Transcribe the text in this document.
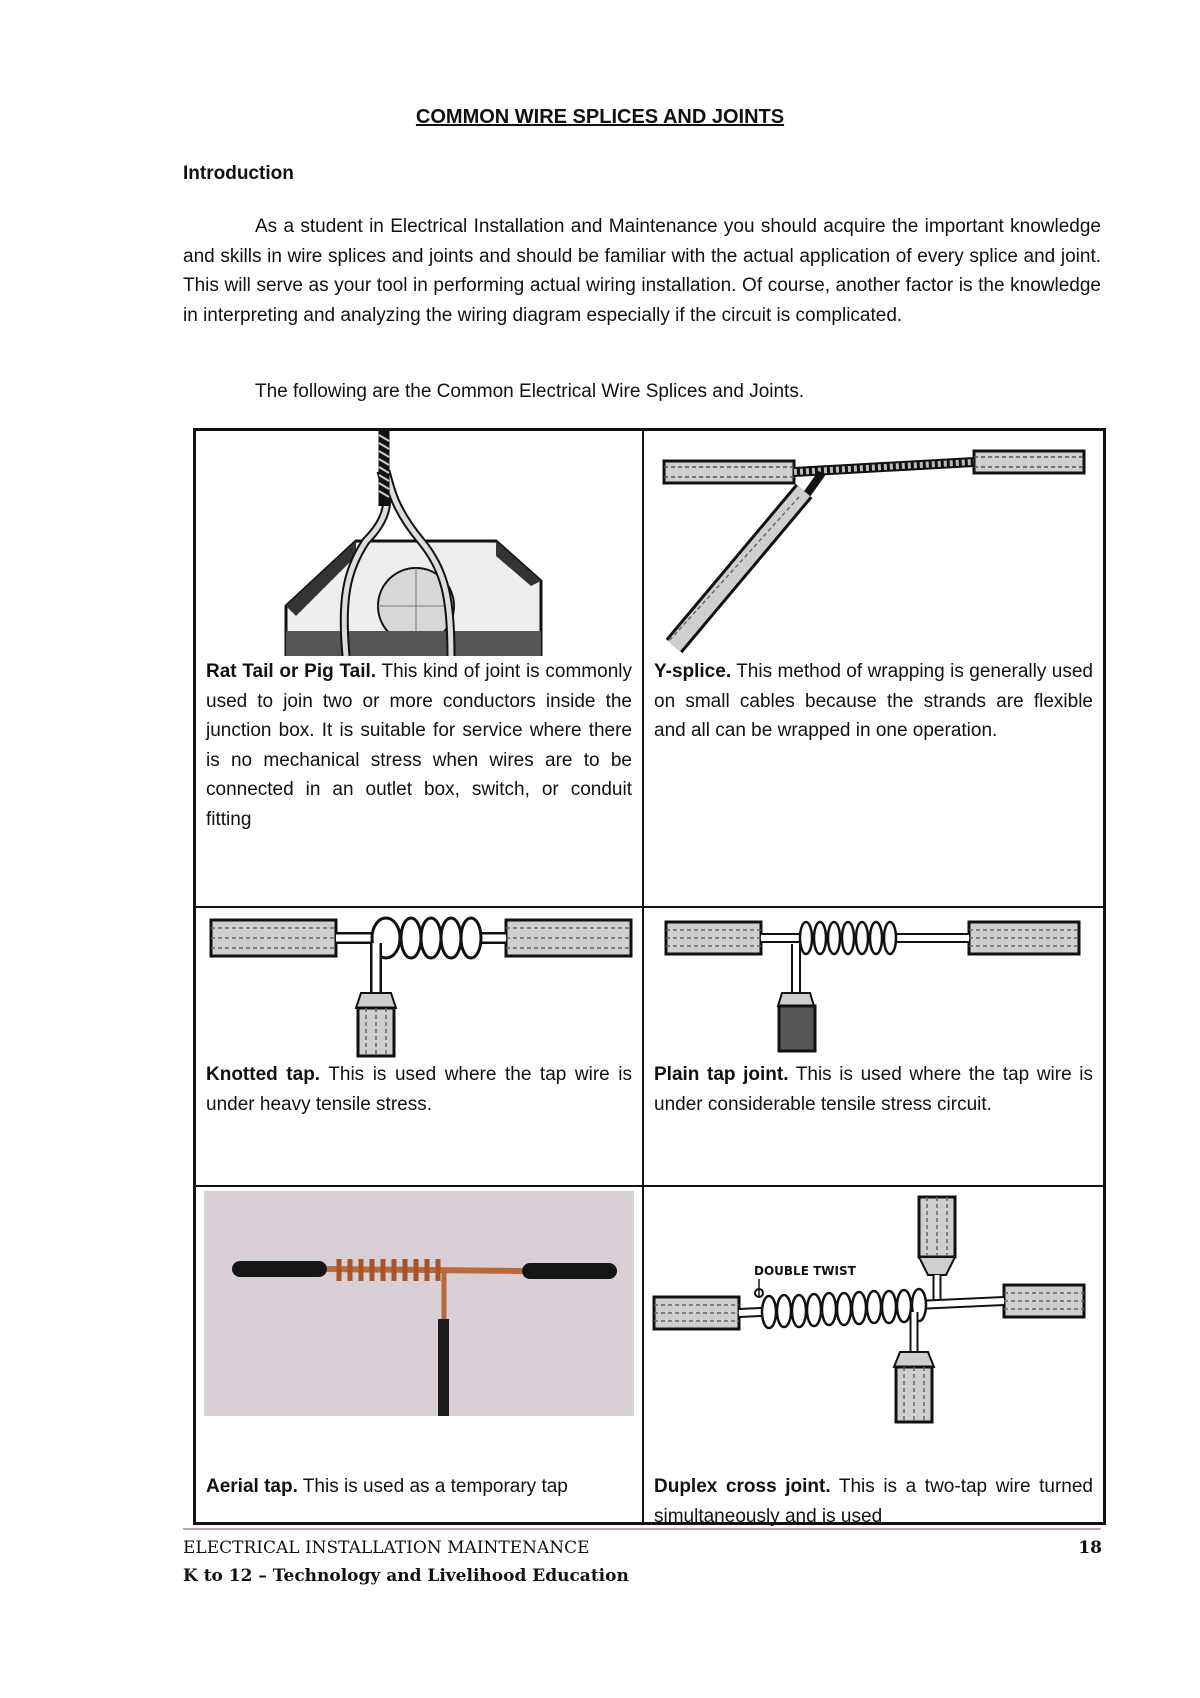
COMMON WIRE SPLICES AND JOINTS
Introduction
As a student in Electrical Installation and Maintenance you should acquire the important knowledge and skills in wire splices and joints and should be familiar with the actual application of every splice and joint. This will serve as your tool in performing actual wiring installation. Of course, another factor is the knowledge in interpreting and analyzing the wiring diagram especially if the circuit is complicated.
The following are the Common Electrical Wire Splices and Joints.
Rat Tail or Pig Tail. This kind of joint is commonly used to join two or more conductors inside the junction box. It is suitable for service where there is no mechanical stress when wires are to be connected in an outlet box, switch, or conduit fitting
Y-splice. This method of wrapping is generally used on small cables because the strands are flexible and all can be wrapped in one operation.
Knotted tap. This is used where the tap wire is under heavy tensile stress.
Plain tap joint. This is used where the tap wire is under considerable tensile stress circuit.
Aerial tap. This is used as a temporary tap
DOUBLE TWIST
Duplex cross joint. This is a two-tap wire turned simultaneously and is used
ELECTRICAL INSTALLATION MAINTENANCE
K to 12 – Technology and Livelihood Education
18
